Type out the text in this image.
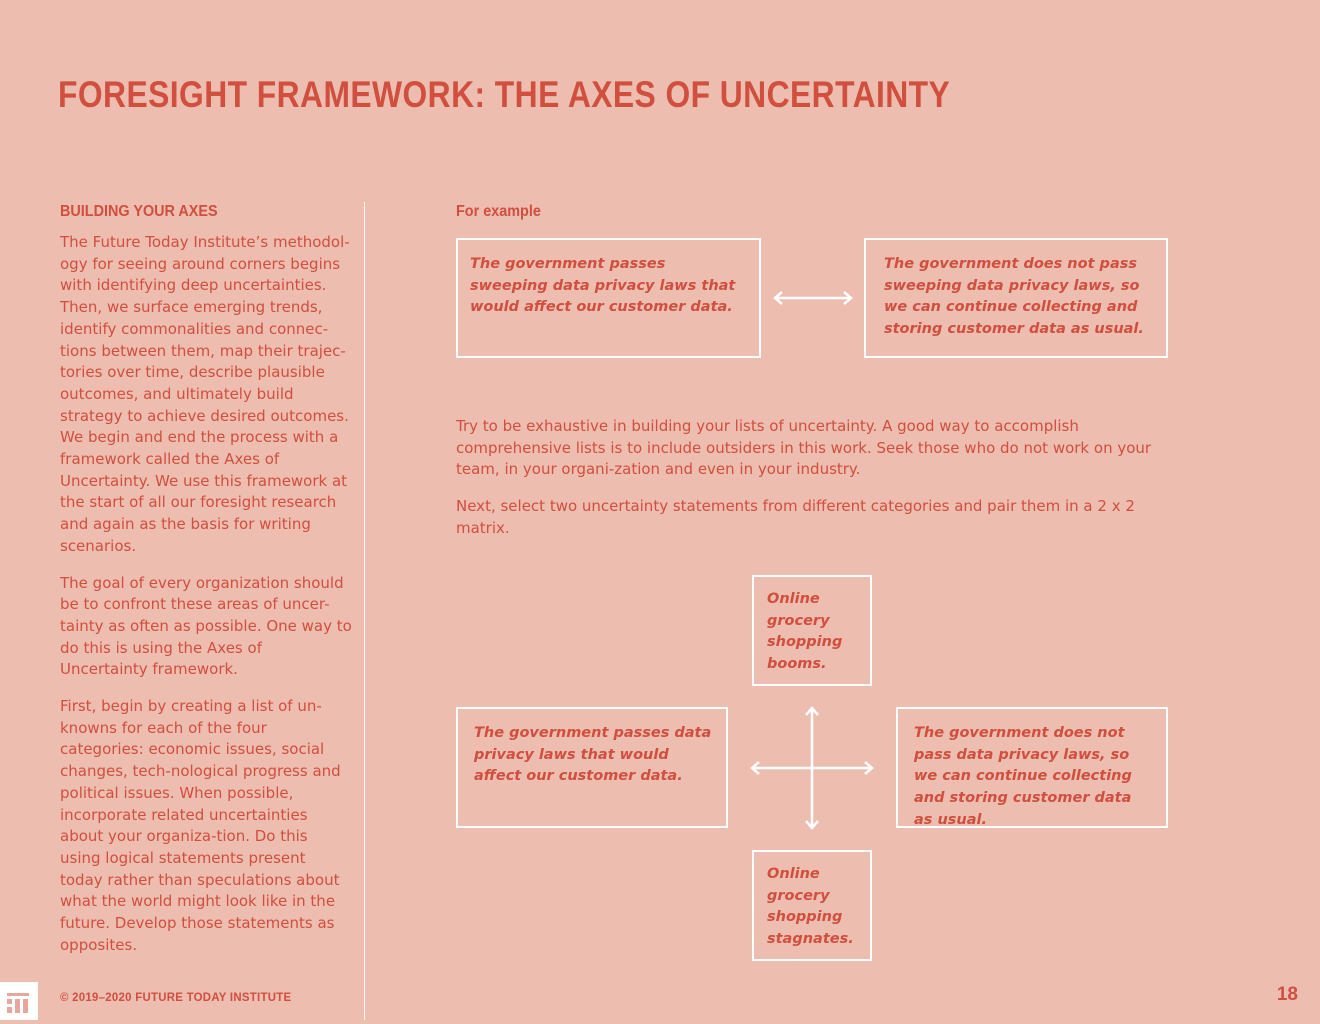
FORESIGHT FRAMEWORK: THE AXES OF UNCERTAINTY
BUILDING YOUR AXES

The Future Today Institute’s methodol-ogy for seeing around corners begins with identifying deep uncertainties. Then, we surface emerging trends, identify commonalities and connec-tions between them, map their trajec-tories over time, describe plausible outcomes, and ultimately build strategy to achieve desired outcomes. We begin and end the process with a framework called the Axes of Uncertainty. We use this framework at the start of all our foresight research and again as the basis for writing scenarios.

The goal of every organization should be to confront these areas of uncer-tainty as often as possible. One way to do this is using the Axes of Uncertainty framework.

First, begin by creating a list of un-knowns for each of the four categories: economic issues, social changes, tech-nological progress and political issues. When possible, incorporate related uncertainties about your organiza-tion. Do this using logical statements present today rather than speculations about what the world might look like in the future. Develop those statements as opposites.

For example
The government passes sweeping data privacy laws that would affect our customer data.
The government does not pass sweeping data privacy laws, so we can continue collecting and storing customer data as usual.
Try to be exhaustive in building your lists of uncertainty. A good way to accomplish comprehensive lists is to include outsiders in this work. Seek those who do not work on your team, in your organi-zation and even in your industry.
Next, select two uncertainty statements from different categories and pair them in a 2 x 2 matrix.
Online grocery shopping booms.
The government passes data privacy laws that would affect our customer data.
The government does not pass data privacy laws, so we can continue collecting and storing customer data as usual.
Online grocery shopping stagnates.
© 2019–2020 FUTURE TODAY INSTITUTE	18
